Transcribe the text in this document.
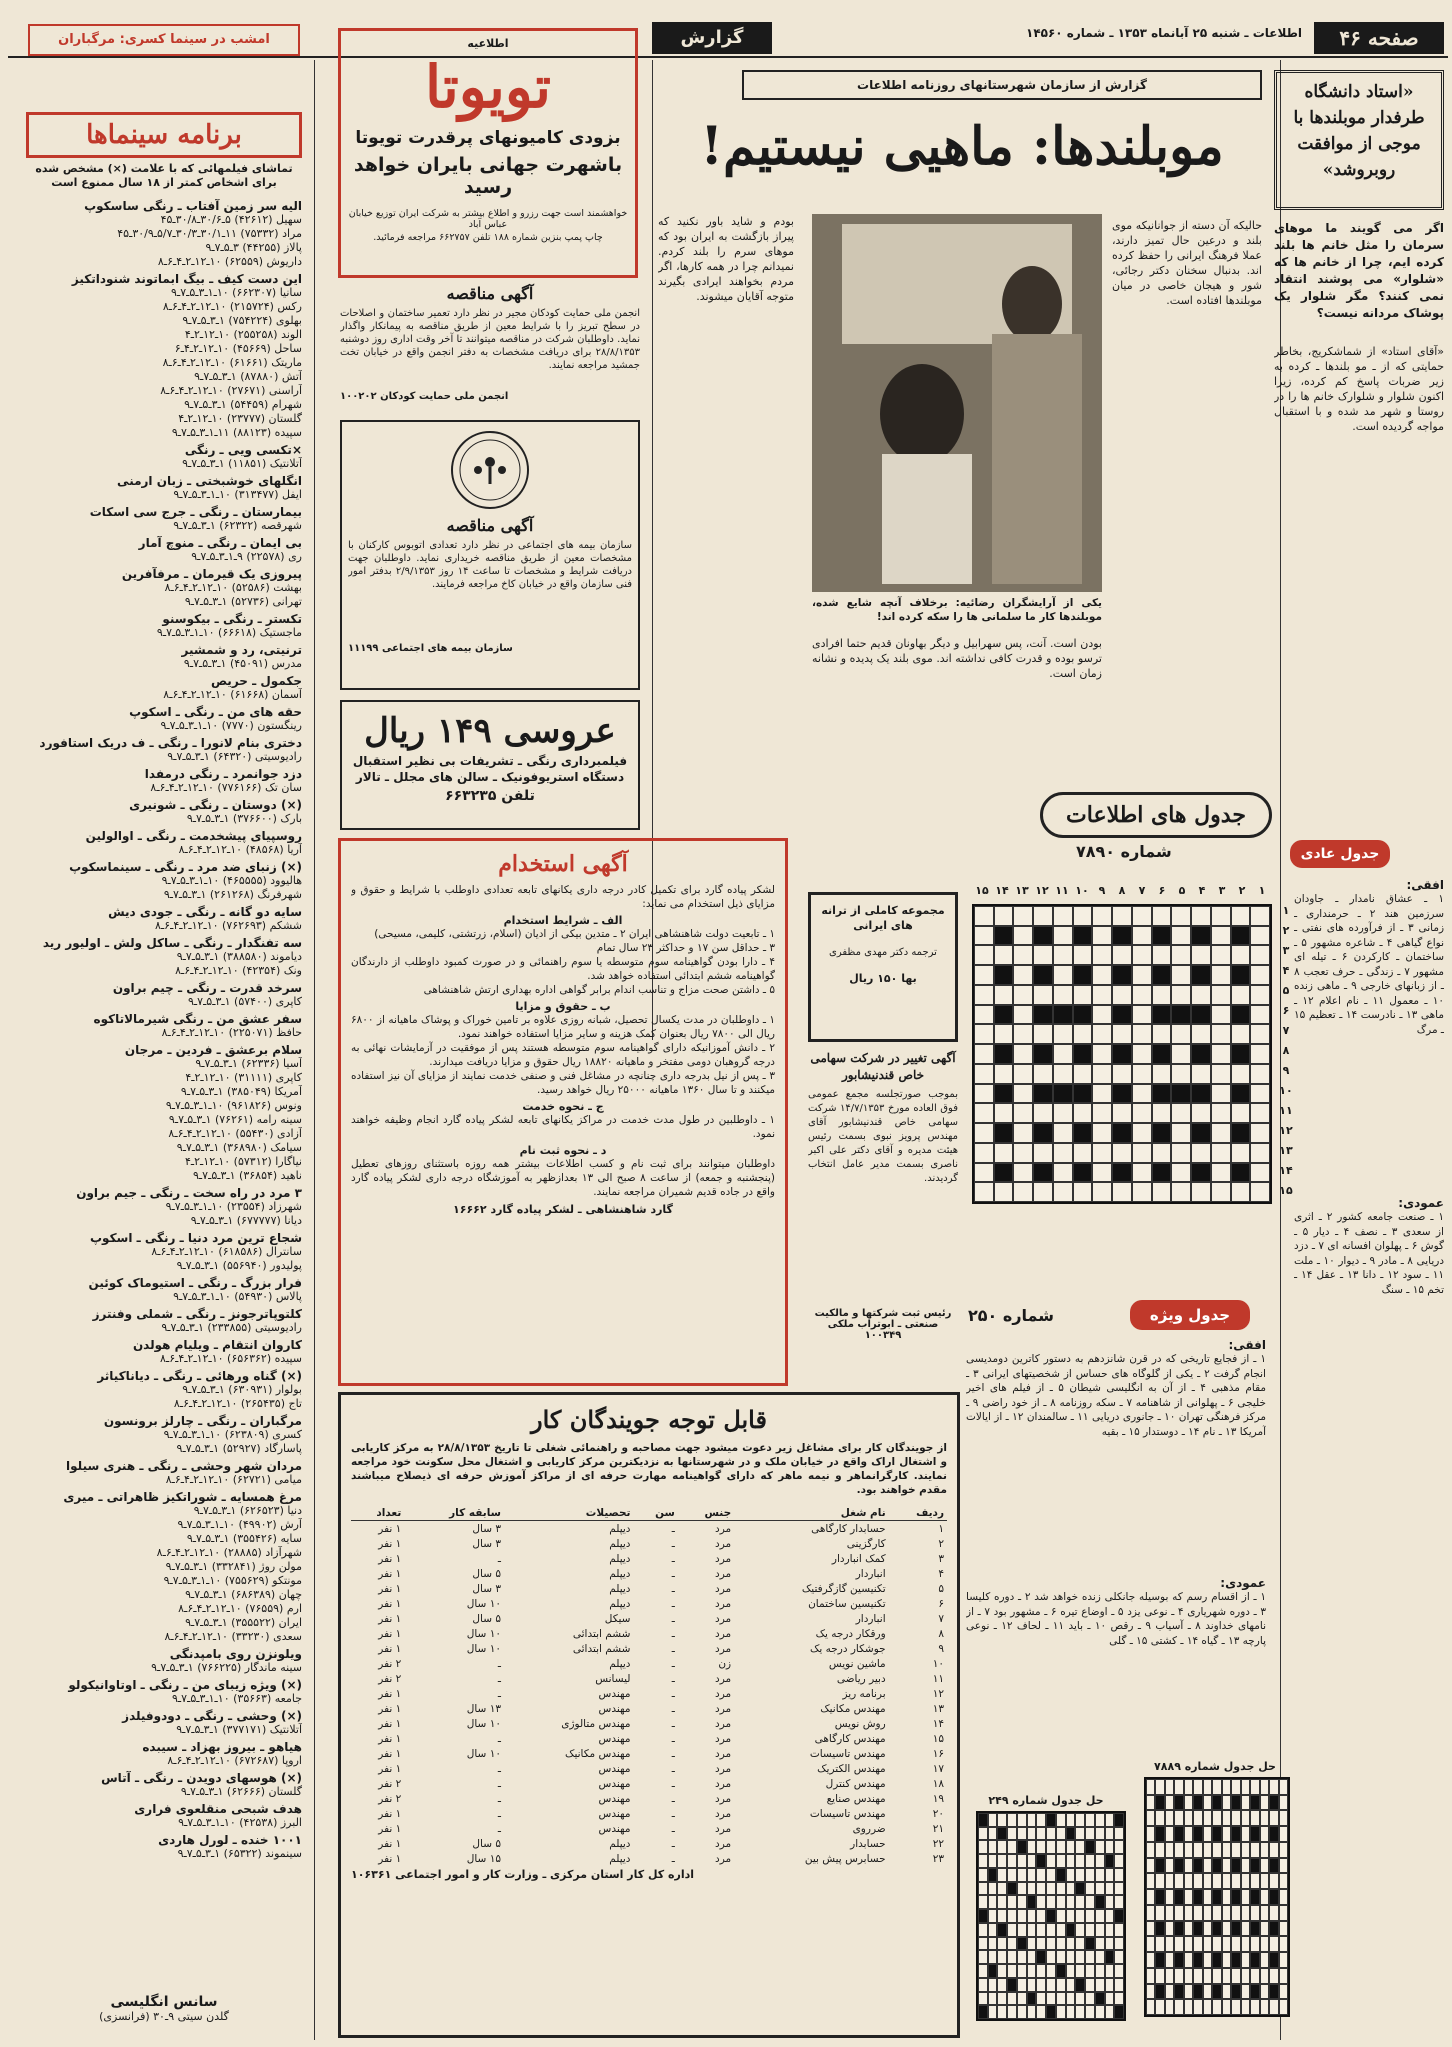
صفحه ۴۶
اطلاعات ـ شنبه ۲۵ آبانماه ۱۳۵۳ ـ شماره ۱۴۵۶۰
گزارش
امشب در سینما کسری: مرگباران
گزارش از سازمان شهرستانهای روزنامه اطلاعات	«استاد دانشگاه طرفدار موبلندها با موجی از موافقت روبروشد»
موبلندها: ماهیی نیستیم!
اگر می گویند ما موهای سرمان را مثل خانم ها بلند کرده ایم، چرا از خانم ها که «شلوار» می پوشند انتقاد نمی کنند؟ مگر شلوار یک پوشاک مردانه نیست؟
«آقای استاد» از شماشکریج، بخاطر حمایتی که از ـ مو بلندها ـ کرده به زیر ضربات پاسخ کم کرده، زیرا اکنون شلوار و شلوارک خانم ها را در روستا و شهر مد شده و با استقبال مواجه گردیده است.
حالیکه آن دسته از جوانانیکه موی بلند و درعین حال تمیز دارند، عملا فرهنگ ایرانی را حفظ کرده اند. بدنبال سخنان دکتر رجائی، شور و هیجان خاصی در میان موبلندها افتاده است.
یکی از آرایشگران رضائیه: برخلاف آنچه شایع شده، موبلندها کار ما سلمانی ها را سکه کرده اند!
بودم و شاید باور نکنید که پیراز بازگشت به ایران بود که موهای سرم را بلند کردم. نمیدانم چرا در همه کارها، اگر مردم بخواهند ایرادی بگیرند متوجه آقایان میشوند.
بودن است. آنت، پس سهرابیل و دیگر بهاونان قدیم حتما افرادی ترسو بوده و قدرت کافی نداشته اند. موی بلند یک پدیده و نشانه زمان است.
اطلاعیه
تویوتا
بزودی کامیونهای پرقدرت تویوتا
باشهرت جهانی بایران خواهد رسید
خواهشمند است جهت رزرو و اطلاع بیشتر به شرکت ایران توزیع خیابان عباس آباد
چاپ پمپ بنزین شماره ۱۸۸ تلفن ۶۶۲۷۵۷ مراجعه فرمائید.
آگهی مناقصه
انجمن ملی حمایت کودکان مجیر در نظر دارد تعمیر ساختمان و اصلاحات در سطح تبریز را با شرایط معین از طریق مناقصه به پیمانکار واگذار نماید. داوطلبان شرکت در مناقصه میتوانند تا آخر وقت اداری روز دوشنبه ۲۸/۸/۱۳۵۳ برای دریافت مشخصات به دفتر انجمن واقع در خیابان تخت جمشید مراجعه نمایند.
انجمن ملی حمایت کودکان ۱۰۰۲۰۲
آگهی مناقصه
سازمان بیمه های اجتماعی در نظر دارد تعدادی اتوبوس کارکنان با مشخصات معین از طریق مناقصه خریداری نماید. داوطلبان جهت دریافت شرایط و مشخصات تا ساعت ۱۴ روز ۲/۹/۱۳۵۳ بدفتر امور فنی سازمان واقع در خیابان کاخ مراجعه فرمایند.
سازمان بیمه های اجتماعی ۱۱۱۹۹
عروسی ۱۴۹ ریال
فیلمبرداری رنگی ـ تشریفات بی نظیر استقبال
دستگاه استریوفونیک ـ سالن های مجلل ـ تالار
تلفن ۶۶۳۲۳۵
آگهی استخدام
لشکر پیاده گارد برای تکمیل کادر درجه داری یکانهای تابعه تعدادی داوطلب با شرایط و حقوق و مزایای ذیل استخدام می نماید:
الف ـ شرایط استخدام
۱ ـ تابعیت دولت شاهنشاهی ایران ۲ ـ متدین بیکی از ادیان (اسلام، زرتشتی، کلیمی، مسیحی)
۳ ـ حداقل سن ۱۷ و حداکثر ۲۳ سال تمام
۴ ـ دارا بودن گواهینامه سوم متوسطه یا سوم راهنمائی و در صورت کمبود داوطلب از دارندگان گواهینامه ششم ابتدائی استفاده خواهد شد.
۵ ـ داشتن صحت مزاج و تناسب اندام برابر گواهی اداره بهداری ارتش شاهنشاهی
ب ـ حقوق و مزایا
۱ ـ داوطلبان در مدت یکسال تحصیل، شبانه روزی علاوه بر تامین خوراک و پوشاک ماهیانه از ۶۸۰۰ ریال الی ۷۸۰۰ ریال بعنوان کمک هزینه و سایر مزایا استفاده خواهند نمود.
۲ ـ دانش آموزانیکه دارای گواهینامه سوم متوسطه هستند پس از موفقیت در آزمایشات نهائی به درجه گروهبان دومی مفتخر و ماهیانه ۱۸۸۲۰ ریال حقوق و مزایا دریافت میدارند.
۳ ـ پس از نیل بدرجه داری چنانچه در مشاغل فنی و صنفی خدمت نمایند از مزایای آن نیز استفاده میکنند و تا سال ۱۳۶۰ ماهیانه ۲۵۰۰۰ ریال خواهد رسید.
ج ـ نحوه خدمت
۱ ـ داوطلبین در طول مدت خدمت در مراکز یکانهای تابعه لشکر پیاده گارد انجام وظیفه خواهند نمود.
د ـ نحوه ثبت نام
داوطلبان میتوانند برای ثبت نام و کسب اطلاعات بیشتر همه روزه باستثنای روزهای تعطیل (پنجشنبه و جمعه) از ساعت ۸ صبح الی ۱۳ بعدازظهر به آموزشگاه درجه داری لشکر پیاده گارد واقع در جاده قدیم شمیران مراجعه نمایند.
گارد شاهنشاهی ـ لشکر پیاده گارد ۱۶۶۶۲
مجموعه کاملی از ترانه های ایرانی
ترجمه دکتر مهدی مظفری
بها ۱۵۰ ریال
آگهی تغییر در شرکت سهامی خاص قندنیشابور
بموجب صورتجلسه مجمع عمومی فوق العاده مورخ ۱۴/۷/۱۳۵۳ شرکت سهامی خاص قندنیشابور آقای مهندس پرویز نبوی بسمت رئیس هیئت مدیره و آقای دکتر علی اکبر ناصری بسمت مدیر عامل انتخاب گردیدند.
رئیس ثبت شرکتها و مالکیت صنعتی ـ ابوتراب ملکی ۱۰۰۳۴۹
جدول های اطلاعات
شماره ۷۸۹۰	جدول عادی
۱
۲
۳
۴
۵
۶
۷
۸
۹
۱۰
۱۱
۱۲
۱۳
۱۴
۱۵
۱
۲
۳
۴
۵
۶
۷
۸
۹
۱۰
۱۱
۱۲
۱۳
۱۴
۱۵
افقی:
۱ ـ عشاق نامدار ـ جاودان سرزمین هند ۲ ـ حرمنداری ـ زمانی ۳ ـ از فرآورده های نفتی ـ نواع گیاهی ۴ ـ شاعره مشهور ۵ ـ ساختمان ـ کارکردن ۶ ـ تیله ای مشهور ۷ ـ زندگی ـ حرف تعجب ۸ ـ از زبانهای خارجی ۹ ـ ماهی زنده ۱۰ ـ معمول ۱۱ ـ نام اعلام ۱۲ ـ ماهی ۱۳ ـ نادرست ۱۴ ـ تعظیم ۱۵ ـ مرگ
عمودی:
۱ ـ صنعت جامعه کشور ۲ ـ اثری از سعدی ۳ ـ نصف ۴ ـ دیار ۵ ـ گوش ۶ ـ پهلوان افسانه ای ۷ ـ دزد دریایی ۸ ـ مادر ۹ ـ دیوار ۱۰ ـ ملت ۱۱ ـ سود ۱۲ ـ دانا ۱۳ ـ عقل ۱۴ ـ تخم ۱۵ ـ سنگ
جدول ویژه
شماره ۲۵۰
افقی:
۱ ـ از فجایع تاریخی که در قرن شانزدهم به دستور کاترین دومدیسی انجام گرفت ۲ ـ یکی از گلوگاه های حساس از شخصیتهای ایرانی ۳ ـ مقام مذهبی ۴ ـ از آن به انگلیسی شیطان ۵ ـ از فیلم های اخیر خلیجی ۶ ـ پهلوانی از شاهنامه ۷ ـ سکه روزنامه ۸ ـ از خود راضی ۹ ـ مرکز فرهنگی تهران ۱۰ ـ جانوری دریایی ۱۱ ـ سالمندان ۱۲ ـ از ایالات آمریکا ۱۳ ـ نام ۱۴ ـ دوستدار ۱۵ ـ بقیه
عمودی:
۱ ـ از اقسام رسم که بوسیله جانکلی زنده خواهد شد ۲ ـ دوره کلیسا ۳ ـ دوره شهریاری ۴ ـ نوعی یزد ۵ ـ اوضاع تیره ۶ ـ مشهور بود ۷ ـ از نامهای خداوند ۸ ـ آسیاب ۹ ـ رقص ۱۰ ـ باید ۱۱ ـ لحاف ۱۲ ـ نوعی پارچه ۱۳ ـ گیاه ۱۴ ـ کشتی ۱۵ ـ گلی
حل جدول شماره ۲۴۹
حل جدول شماره ۷۸۸۹
قابل توجه جویندگان کار
از جویندگان کار برای مشاغل زیر دعوت میشود جهت مصاحبه و راهنمائی شغلی تا تاریخ ۲۸/۸/۱۳۵۳ به مرکز کاریابی و اشتغال اراک واقع در خیابان ملک و در شهرستانها به نزدیکترین مرکز کاریابی و اشتغال محل سکونت خود مراجعه نمایند. کارگرانماهر و نیمه ماهر که دارای گواهینامه مهارت حرفه ای از مراکز آموزش حرفه ای ذیصلاح میباشند مقدم خواهند بود.
ردیف	نام شغل	جنس	سن	تحصیلات	سابقه کار	تعداد
۱	حسابدار کارگاهی	مرد	ـ	دیپلم	۳ سال	۱ نفر
۲	کارگزینی	مرد	ـ	دیپلم	۳ سال	۱ نفر
۳	کمک انباردار	مرد	ـ	دیپلم	ـ	۱ نفر
۴	انباردار	مرد	ـ	دیپلم	۵ سال	۱ نفر
۵	تکنیسین گازگرفتیک	مرد	ـ	دیپلم	۳ سال	۱ نفر
۶	تکنیسین ساختمان	مرد	ـ	دیپلم	۱۰ سال	۱ نفر
۷	انباردار	مرد	ـ	سیکل	۵ سال	۱ نفر
۸	ورقکار درجه یک	مرد	ـ	ششم ابتدائی	۱۰ سال	۱ نفر
۹	جوشکار درجه یک	مرد	ـ	ششم ابتدائی	۱۰ سال	۱ نفر
۱۰	ماشین نویس	زن	ـ	دیپلم	ـ	۲ نفر
۱۱	دبیر ریاضی	مرد	ـ	لیسانس	ـ	۲ نفر
۱۲	برنامه ریز	مرد	ـ	مهندس	ـ	۱ نفر
۱۳	مهندس مکانیک	مرد	ـ	مهندس	۱۳ سال	۱ نفر
۱۴	روش نویس	مرد	ـ	مهندس متالوژی	۱۰ سال	۱ نفر
۱۵	مهندس کارگاهی	مرد	ـ	مهندس	ـ	۱ نفر
۱۶	مهندس تاسیسات	مرد	ـ	مهندس مکانیک	۱۰ سال	۱ نفر
۱۷	مهندس الکتریک	مرد	ـ	مهندس	ـ	۱ نفر
۱۸	مهندس کنترل	مرد	ـ	مهندس	ـ	۲ نفر
۱۹	مهندس صنایع	مرد	ـ	مهندس	ـ	۲ نفر
۲۰	مهندس تاسیسات	مرد	ـ	مهندس	ـ	۱ نفر
۲۱	ضرروی	مرد	ـ	مهندس	ـ	۱ نفر
۲۲	حسابدار	مرد	ـ	دیپلم	۵ سال	۱ نفر
۲۳	حسابرس پیش بین	مرد	ـ	دیپلم	۱۵ سال	۱ نفر
اداره کل کار استان مرکزی ـ وزارت کار و امور اجتماعی ۱۰۶۳۶۱
برنامه سینماها
تماشای فیلمهائی که با علامت (×) مشخص شده برای اشخاص کمتر از ۱۸ سال ممنوع است
الیه سر زمین آفتاب ـ رنگی ساسکوپ
سهیل (۴۲۶۱۲) ۵ـ۳۰/۶ـ۳۰/۸ـ۴۵
مراد (۷۵۳۳۲) ۱۱ـ۳۰/۱ـ۳۰/۳ـ۵/۷ـ۳۰/۹ـ۴۵
پالاز (۴۴۲۵۵) ۳ـ۵ـ۷ـ۹
داریوش (۶۲۵۵۹) ۱۰ـ۱۲ـ۲ـ۴ـ۶ـ۸
این دست کیف ـ بیگ ابماتوند شنوداتکیز
سانیا (۶۶۲۳۰۷) ۱۰ـ۱ـ۳ـ۵ـ۷ـ۹
رکس (۲۱۵۷۲۴) ۱۰ـ۱۲ـ۲ـ۴ـ۶ـ۸
بهلوی (۷۵۴۲۲۴) ۱ـ۳ـ۵ـ۷ـ۹
الوند (۲۵۵۲۵۸) ۱۰ـ۱۲ـ۲ـ۴
ساحل (۴۵۶۶۹) ۱۰ـ۱۲ـ۲ـ۴ـ۶
ماریتک (۶۱۶۶۱) ۱۰ـ۱۲ـ۲ـ۴ـ۶ـ۸
آتش (۸۷۸۸۰) ۱ـ۳ـ۵ـ۷ـ۹
آراسنی (۲۷۶۷۱) ۱۰ـ۱۲ـ۲ـ۴ـ۶ـ۸
شهرام (۵۴۴۵۹) ۱ـ۳ـ۵ـ۷ـ۹
گلستان (۲۳۷۷۷) ۱۰ـ۱۲ـ۲ـ۴
سپیده (۸۸۱۲۳) ۱۱ـ۱ـ۳ـ۵ـ۷ـ۹
×تکسی ویی ـ رنگی
آتلانتیک (۱۱۸۵۱) ۱ـ۳ـ۵ـ۷ـ۹
انگلهای خوشبختی ـ زبان ارمنی
ایفل (۳۱۳۴۷۷) ۱۰ـ۱ـ۳ـ۵ـ۷ـ۹
بیمارستان ـ رنگی ـ جرج سی اسکات
شهرقصه (۶۲۳۲۲) ۱ـ۳ـ۵ـ۷ـ۹
بی ایمان ـ رنگی ـ منوچ آمار
ری (۲۲۵۷۸) ۹ـ۱ـ۳ـ۵ـ۷ـ۹
پیروزی یک قیرمان ـ مرفآفرین
بهشت (۵۲۵۸۶) ۱۰ـ۱۲ـ۲ـ۴ـ۶ـ۸
تهرانی (۵۲۷۳۶) ۱ـ۳ـ۵ـ۷ـ۹
تکستر ـ رنگی ـ بیکوسنو
ماجستیک (۶۶۶۱۸) ۱۰ـ۱ـ۳ـ۵ـ۷ـ۹
ترنیتی، رد و شمشیر
مدرس (۴۵۰۹۱) ۱ـ۳ـ۵ـ۷ـ۹
جکمول ـ حریص
آسمان (۶۱۶۶۸) ۱۰ـ۱۲ـ۲ـ۴ـ۶ـ۸
حقه های من ـ رنگی ـ اسکوپ
رینگستون (۷۷۷۰) ۱۰ـ۱ـ۳ـ۵ـ۷ـ۹
دختری بنام لانورا ـ رنگی ـ ف دریک استافورد
رادیوسیتی (۶۴۳۲۰) ۱ـ۳ـ۵ـ۷ـ۹
دزد جوانمرد ـ رنگی درمفدا
سان تک (۷۷۶۱۶۶) ۱۰ـ۱۲ـ۲ـ۴ـ۶ـ۸
(×) دوستان ـ رنگی ـ شونیری
بارک (۳۷۶۶۰۰) ۱ـ۳ـ۵ـ۷ـ۹
روسپیای پیشخدمت ـ رنگی ـ اوالولین
آریا (۴۸۵۶۸) ۱۰ـ۱۲ـ۲ـ۴ـ۶ـ۸
(×) زنبای ضد مرد ـ رنگی ـ سینماسکوپ
هالیوود (۴۶۵۵۵۵) ۱۰ـ۱ـ۳ـ۵ـ۷ـ۹
شهرفرنگ (۲۶۱۲۶۸) ۱ـ۳ـ۵ـ۷ـ۹
سایه دو گانه ـ رنگی ـ جودی دیش
ششکم (۷۶۲۶۹۳) ۱۰ـ۱۲ـ۲ـ۴ـ۶ـ۸
سه تفنگدار ـ رنگی ـ ساکل ولش ـ اولیور رید
دیاموند (۳۸۸۵۸۰) ۱ـ۳ـ۵ـ۷ـ۹
ونک (۴۲۳۵۴) ۱۰ـ۱۲ـ۲ـ۴ـ۶ـ۸
سرخد قدرت ـ رنگی ـ چیم براون
کاپری (۵۷۴۰۰) ۱ـ۳ـ۵ـ۷ـ۹
سفر عشق من ـ رنگی شیرمالاتاکوه
حافظ (۲۲۵۰۷۱) ۱۰ـ۱۲ـ۲ـ۴ـ۶ـ۸
سلام برعشق ـ فردین ـ مرجان
آسیا (۶۲۳۳۶) ۱ـ۳ـ۵ـ۷ـ۹
کاپری (۳۱۱۱۱) ۱۰ـ۱۲ـ۲ـ۴
آمریکا (۳۸۵۰۴۹) ۱ـ۳ـ۵ـ۷ـ۹
ونوس (۹۶۱۸۲۶) ۱۰ـ۱ـ۳ـ۵ـ۷ـ۹
سینه رامه (۷۶۲۶۱) ۱ـ۳ـ۵ـ۷ـ۹
آزادی (۵۵۴۳۰) ۱۰ـ۱۲ـ۲ـ۴ـ۶ـ۸
سیامک (۳۶۸۹۸۰) ۱ـ۳ـ۵ـ۷ـ۹
نیاگارا (۵۷۳۱۲) ۱۰ـ۱۲ـ۲ـ۴
ناهید (۳۶۸۵۴) ۱ـ۳ـ۵ـ۷ـ۹
۳ مرد در راه سخت ـ رنگی ـ جیم براون
شهرزاد (۲۳۵۵۴) ۱۰ـ۱ـ۳ـ۵ـ۷ـ۹
دیانا (۶۷۷۷۷۷) ۱ـ۳ـ۵ـ۷ـ۹
شجاع ترین مرد دنیا ـ رنگی ـ اسکوپ
سانترال (۶۱۸۵۸۶) ۱۰ـ۱۲ـ۲ـ۴ـ۶ـ۸
پولیدور (۵۵۶۹۴۰) ۱ـ۳ـ۵ـ۷ـ۹
فرار بزرگ ـ رنگی ـ استیوماک کوئین
پالاس (۵۴۹۳۰) ۱۰ـ۱ـ۳ـ۵ـ۷ـ۹
کلتوپاترجونز ـ رنگی ـ شملی وفنترز
رادیوسیتی (۲۳۳۸۵۵) ۱ـ۳ـ۵ـ۷ـ۹
کاروان انتقام ـ ویلیام هولدن
سپیده (۶۵۶۳۶۲) ۱۰ـ۱۲ـ۲ـ۴ـ۶ـ۸
(×) گناه ورهائی ـ رنگی ـ دیاناکیاثر
بولوار (۶۳۰۹۳۱) ۱ـ۳ـ۵ـ۷ـ۹
تاج (۲۶۵۴۳۵) ۱۰ـ۱۲ـ۲ـ۴ـ۶ـ۸
مرگباران ـ رنگی ـ چارلز برونسون
کسری (۶۲۳۸۰۹) ۱۰ـ۱ـ۳ـ۵ـ۷ـ۹
پاسارگاد (۵۲۹۲۷) ۱ـ۳ـ۵ـ۷ـ۹
مردان شهر وحشی ـ رنگی ـ هنری سیلوا
میامی (۶۲۷۲۱) ۱۰ـ۱۲ـ۲ـ۴ـ۶ـ۸
مرغ همسایه ـ شوراتکیز ظاهراتی ـ میری
دنیا (۶۲۶۵۲۳) ۱ـ۳ـ۵ـ۷ـ۹
آرش (۴۹۹۰۲) ۱۰ـ۱ـ۳ـ۵ـ۷ـ۹
سایه (۳۵۵۴۲۶) ۱ـ۳ـ۵ـ۷ـ۹
شهرآزاد (۲۸۸۸۵) ۱۰ـ۱۲ـ۲ـ۴ـ۶ـ۸
مولن روژ (۳۳۲۸۴۱) ۱ـ۳ـ۵ـ۷ـ۹
مونتکو (۷۵۵۶۲۹) ۱۰ـ۱ـ۳ـ۵ـ۷ـ۹
چهان (۶۸۶۳۸۹) ۱ـ۳ـ۵ـ۷ـ۹
ارم (۷۶۵۵۹) ۱۰ـ۱۲ـ۲ـ۴ـ۶ـ۸
ایران (۳۵۵۵۲۲) ۱ـ۳ـ۵ـ۷ـ۹
سعدی (۳۳۲۳۰) ۱۰ـ۱۲ـ۲ـ۴ـ۶ـ۸
ویلونزن روی بامپدنگی
سینه ماندگار (۷۶۶۲۲۵) ۱ـ۳ـ۵ـ۷ـ۹
(×) ویژه زیبای من ـ رنگی ـ اوتاوانیکولو
جامعه (۳۵۶۶۳) ۱۰ـ۱ـ۳ـ۵ـ۷ـ۹
(×) وحشی ـ رنگی ـ دودوفیلدز
آتلانتیک (۳۷۷۱۷۱) ۱ـ۳ـ۵ـ۷ـ۹
هیاهو ـ بیروز بهزاد ـ سیبده
اروپا (۶۷۲۶۸۷) ۱۰ـ۱۲ـ۲ـ۴ـ۶ـ۸
(×) هوسهای دویدن ـ رنگی ـ آتاس
گلستان (۶۲۶۶۶) ۱ـ۳ـ۵ـ۷ـ۹
هدف شبحی منقلعوی فراری
البرز (۴۲۵۳۸) ۱۰ـ۱ـ۳ـ۵ـ۷ـ۹
۱۰۰۱ خنده ـ لورل هاردی
سینموند (۶۵۳۲۲) ۱ـ۳ـ۵ـ۷ـ۹
سانس انگلیسی
گلدن سیتی ۹ـ۳۰ (فرانسزی)
